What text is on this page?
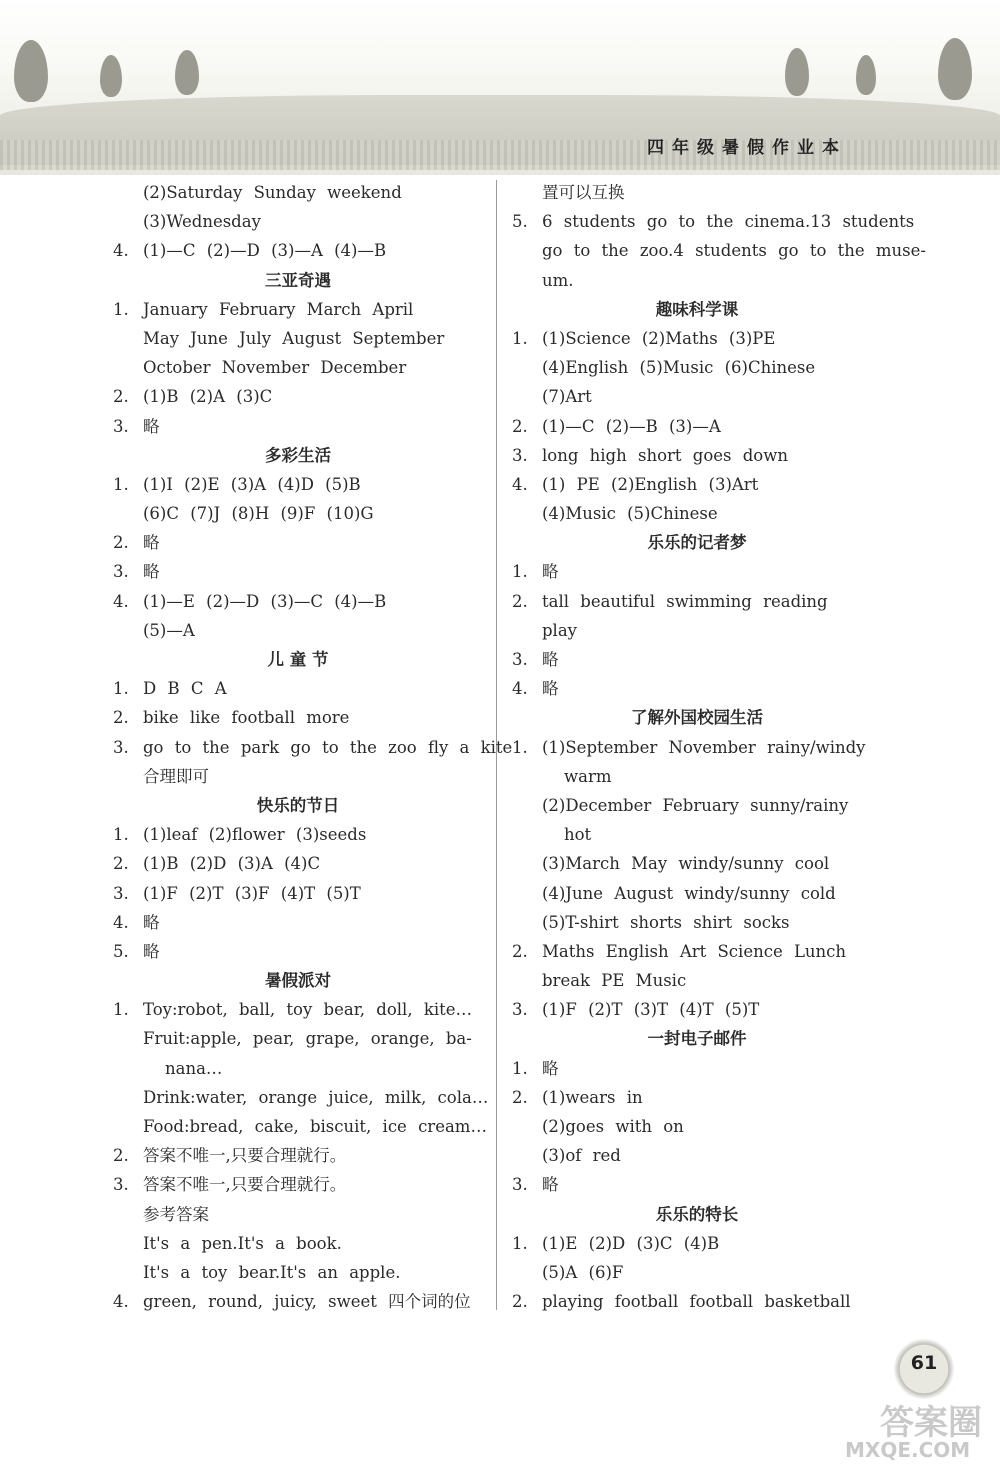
四年级暑假作业本
(2)Saturday Sunday weekend
(3)Wednesday
4. (1)—C (2)—D (3)—A (4)—B
三亚奇遇
1. January February March April
May June July August September
October November December
2. (1)B (2)A (3)C
3. 略
多彩生活
1. (1)I (2)E (3)A (4)D (5)B
(6)C (7)J (8)H (9)F (10)G
2. 略
3. 略
4. (1)—E (2)—D (3)—C (4)—B
(5)—A
儿 童 节
1. D B C A
2. bike like football more
3. go to the park go to the zoo fly a kite
合理即可
快乐的节日
1. (1)leaf (2)flower (3)seeds
2. (1)B (2)D (3)A (4)C
3. (1)F (2)T (3)F (4)T (5)T
4. 略
5. 略
暑假派对
1. Toy:robot, ball, toy bear, doll, kite…
Fruit:apple, pear, grape, orange, ba-
nana…
Drink:water, orange juice, milk, cola…
Food:bread, cake, biscuit, ice cream…
2. 答案不唯一,只要合理就行。
3. 答案不唯一,只要合理就行。
参考答案
It's a pen.It's a book.
It's a toy bear.It's an apple.
4. green, round, juicy, sweet 四个词的位
置可以互换
5. 6 students go to the cinema.13 students
go to the zoo.4 students go to the muse-
um.
趣味科学课
1. (1)Science (2)Maths (3)PE
(4)English (5)Music (6)Chinese
(7)Art
2. (1)—C (2)—B (3)—A
3. long high short goes down
4. (1) PE (2)English (3)Art
(4)Music (5)Chinese
乐乐的记者梦
1. 略
2. tall beautiful swimming reading
play
3. 略
4. 略
了解外国校园生活
1. (1)September November rainy/windy
warm
(2)December February sunny/rainy
hot
(3)March May windy/sunny cool
(4)June August windy/sunny cold
(5)T-shirt shorts shirt socks
2. Maths English Art Science Lunch
break PE Music
3. (1)F (2)T (3)T (4)T (5)T
一封电子邮件
1. 略
2. (1)wears in
(2)goes with on
(3)of red
3. 略
乐乐的特长
1. (1)E (2)D (3)C (4)B
(5)A (6)F
2. playing football football basketball
答案圈
MXQE.COM
61
